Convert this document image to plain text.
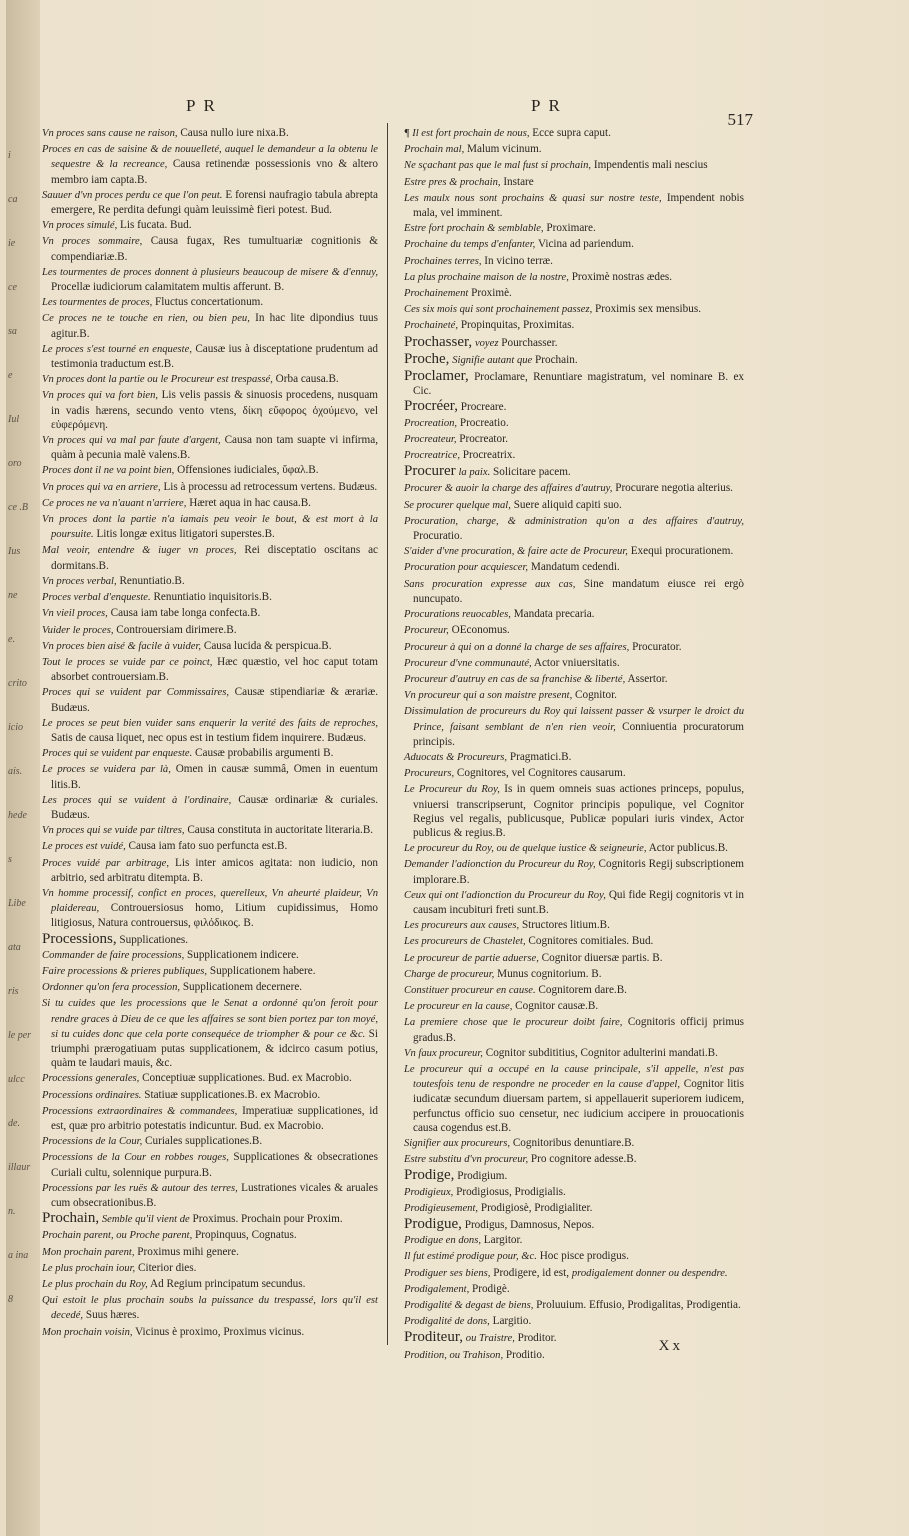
i
ca
ie
ce
sa
e
Iul
oro
ce .B
Ius
ne
e.
crito
icio
ais.
hede
s
Libe
ata
ris
le per
ulcc
de.
illaur
n.
a ina
8
PR	PR
517

Vn proces sans cause ne raison, Causa nullo iure nixa.B.

Proces en cas de saisine & de nouuelleté, auquel le demandeur a la obtenu le sequestre & la recreance, Causa retinendæ possessionis vno & altero membro iam capta.B.

Sauuer d'vn proces perdu ce que l'on peut. E forensi naufragio tabula abrepta emergere, Re perdita defungi quàm leuissimè fieri potest. Bud.

Vn proces simulé, Lis fucata. Bud.

Vn proces sommaire, Causa fugax, Res tumultuariæ cognitionis & compendiariæ.B.

Les tourmentes de proces donnent à plusieurs beaucoup de misere & d'ennuy, Procellæ iudiciorum calamitatem multis afferunt. B.

Les tourmentes de proces, Fluctus concertationum.

Ce proces ne te touche en rien, ou bien peu, In hac lite dipondius tuus agitur.B.

Le proces s'est tourné en enqueste, Causæ ius à disceptatione prudentum ad testimonia traductum est.B.

Vn proces dont la partie ou le Procureur est trespassé, Orba causa.B.

Vn proces qui va fort bien, Lis velis passis & sinuosis procedens, nusquam in vadis hærens, secundo vento vtens, δίκη εὔφορος ὀχούμενο, vel εὐφερόμενη.

Vn proces qui va mal par faute d'argent, Causa non tam suapte vi infirma, quàm à pecunia malè valens.B.

Proces dont il ne va point bien, Offensiones iudiciales, ὕφαλ.B.

Vn proces qui va en arriere, Lis à processu ad retrocessum vertens. Budæus.

Ce proces ne va n'auant n'arriere, Hæret aqua in hac causa.B.

Vn proces dont la partie n'a iamais peu veoir le bout, & est mort à la poursuite. Litis longæ exitus litigatori superstes.B.

Mal veoir, entendre & iuger vn proces, Rei disceptatio oscitans ac dormitans.B.

Vn proces verbal, Renuntiatio.B.

Proces verbal d'enqueste. Renuntiatio inquisitoris.B.

Vn vieil proces, Causa iam tabe longa confecta.B.

Vuider le proces, Controuersiam dirimere.B.

Vn proces bien aisé & facile à vuider, Causa lucida & perspicua.B.

Tout le proces se vuide par ce poinct, Hæc quæstio, vel hoc caput totam absorbet controuersiam.B.

Proces qui se vuident par Commissaires, Causæ stipendiariæ & ærariæ. Budæus.

Le proces se peut bien vuider sans enquerir la verité des faits de reproches, Satis de causa liquet, nec opus est in testium fidem inquirere. Budæus.

Proces qui se vuident par enqueste. Causæ probabilis argumenti B.

Le proces se vuidera par là, Omen in causæ summâ, Omen in euentum litis.B.

Les proces qui se vuident à l'ordinaire, Causæ ordinariæ & curiales. Budæus.

Vn proces qui se vuide par tiltres, Causa constituta in auctoritate literaria.B.

Le proces est vuidé, Causa iam fato suo perfuncta est.B.

Proces vuidé par arbitrage, Lis inter amicos agitata: non iudicio, non arbitrio, sed arbitratu ditempta. B.

Vn homme processif, confict en proces, querelleux, Vn aheurté plaideur, Vn plaidereau, Controuersiosus homo, Litium cupidissimus, Homo litigiosus, Natura controuersus, φιλόδικος. B.

Processions, Supplicationes.

Commander de faire processions, Supplicationem indicere.

Faire processions & prieres publiques, Supplicationem habere.

Ordonner qu'on fera procession, Supplicationem decernere.

Si tu cuides que les processions que le Senat a ordonné qu'on feroit pour rendre graces à Dieu de ce que les affaires se sont bien portez par ton moyé, si tu cuides donc que cela porte consequéce de triompher & pour ce &c. Si triumphi prærogatiuam putas supplicationem, & idcirco casum potius, quàm te laudari mauis, &c.

Processions generales, Conceptiuæ supplicationes. Bud. ex Macrobio.

Processions ordinaires. Statiuæ supplicationes.B. ex Macrobio.

Processions extraordinaires & commandees, Imperatiuæ supplicationes, id est, quæ pro arbitrio potestatis indicuntur. Bud. ex Macrobio.

Processions de la Cour, Curiales supplicationes.B.

Processions de la Cour en robbes rouges, Supplicationes & obsecrationes Curiali cultu, solennique purpura.B.

Processions par les ruës & autour des terres, Lustrationes vicales & aruales cum obsecrationibus.B.

Prochain, Semble qu'il vient de Proximus. Prochain pour Proxim.

Prochain parent, ou Proche parent, Propinquus, Cognatus.

Mon prochain parent, Proximus mihi genere.

Le plus prochain iour, Citerior dies.

Le plus prochain du Roy, Ad Regium principatum secundus.

Qui estoit le plus prochain soubs la puissance du trespassé, lors qu'il est decedé, Suus hæres.

Mon prochain voisin, Vicinus è proximo, Proximus vicinus.

¶ Il est fort prochain de nous, Ecce supra caput.

Prochain mal, Malum vicinum.

Ne sçachant pas que le mal fust si prochain, Impendentis mali nescius

Estre pres & prochain, Instare

Les maulx nous sont prochains & quasi sur nostre teste, Impendent nobis mala, vel imminent.

Estre fort prochain & semblable, Proximare.

Prochaine du temps d'enfanter, Vicina ad pariendum.

Prochaines terres, In vicino terræ.

La plus prochaine maison de la nostre, Proximè nostras ædes.

Prochainement Proximè.

Ces six mois qui sont prochainement passez, Proximis sex mensibus.

Prochaineté, Propinquitas, Proximitas.

Prochasser, voyez Pourchasser.

Proche, Signifie autant que Prochain.

Proclamer, Proclamare, Renuntiare magistratum, vel nominare B. ex Cic.

Procréer, Procreare.

Procreation, Procreatio.

Procreateur, Procreator.

Procreatrice, Procreatrix.

Procurer la paix. Solicitare pacem.

Procurer & auoir la charge des affaires d'autruy, Procurare negotia alterius.

Se procurer quelque mal, Suere aliquid capiti suo.

Procuration, charge, & administration qu'on a des affaires d'autruy, Procuratio.

S'aider d'vne procuration, & faire acte de Procureur, Exequi procurationem.

Procuration pour acquiescer, Mandatum cedendi.

Sans procuration expresse aux cas, Sine mandatum eiusce rei ergò nuncupato.

Procurations reuocables, Mandata precaria.

Procureur, OEconomus.

Procureur à qui on a donné la charge de ses affaires, Procurator.

Procureur d'vne communauté, Actor vniuersitatis.

Procureur d'autruy en cas de sa franchise & liberté, Assertor.

Vn procureur qui a son maistre present, Cognitor.

Dissimulation de procureurs du Roy qui laissent passer & vsurper le droict du Prince, faisant semblant de n'en rien veoir, Conniuentia procuratorum principis.

Aduocats & Procureurs, Pragmatici.B.

Procureurs, Cognitores, vel Cognitores causarum.

Le Procureur du Roy, Is in quem omneis suas actiones princeps, populus, vniuersi transcripserunt, Cognitor principis populique, vel Cognitor Regius vel regalis, publicusque, Publicæ populari iuris vindex, Actor publicus & regius.B.

Le procureur du Roy, ou de quelque iustice & seigneurie, Actor publicus.B.

Demander l'adionction du Procureur du Roy, Cognitoris Regij subscriptionem implorare.B.

Ceux qui ont l'adionction du Procureur du Roy, Qui fide Regij cognitoris vt in causam incubituri freti sunt.B.

Les procureurs aux causes, Structores litium.B.

Les procureurs de Chastelet, Cognitores comitiales. Bud.

Le procureur de partie aduerse, Cognitor diuersæ partis. B.

Charge de procureur, Munus cognitorium. B.

Constituer procureur en cause. Cognitorem dare.B.

Le procureur en la cause, Cognitor causæ.B.

La premiere chose que le procureur doibt faire, Cognitoris officij primus gradus.B.

Vn faux procureur, Cognitor subdititius, Cognitor adulterini mandati.B.

Le procureur qui a occupé en la cause principale, s'il appelle, n'est pas toutesfois tenu de respondre ne proceder en la cause d'appel, Cognitor litis iudicatæ secundum diuersam partem, si appellauerit superiorem iudicem, perfunctus officio suo censetur, nec iudicium accipere in prouocationis causa cogendus est.B.

Signifier aux procureurs, Cognitoribus denuntiare.B.

Estre substitu d'vn procureur, Pro cognitore adesse.B.

Prodige, Prodigium.

Prodigieux, Prodigiosus, Prodigialis.

Prodigieusement, Prodigiosè, Prodigialiter.

Prodigue, Prodigus, Damnosus, Nepos.

Prodigue en dons, Largitor.

Il fut estimé prodigue pour, &c. Hoc pisce prodigus.

Prodiguer ses biens, Prodigere, id est, prodigalement donner ou despendre.

Prodigalement, Prodigè.

Prodigalité & degast de biens, Proluuium. Effusio, Prodigalitas, Prodigentia.

Prodigalité de dons, Largitio.

Proditeur, ou Traistre, Proditor.

Prodition, ou Trahison, Proditio.

Xx
